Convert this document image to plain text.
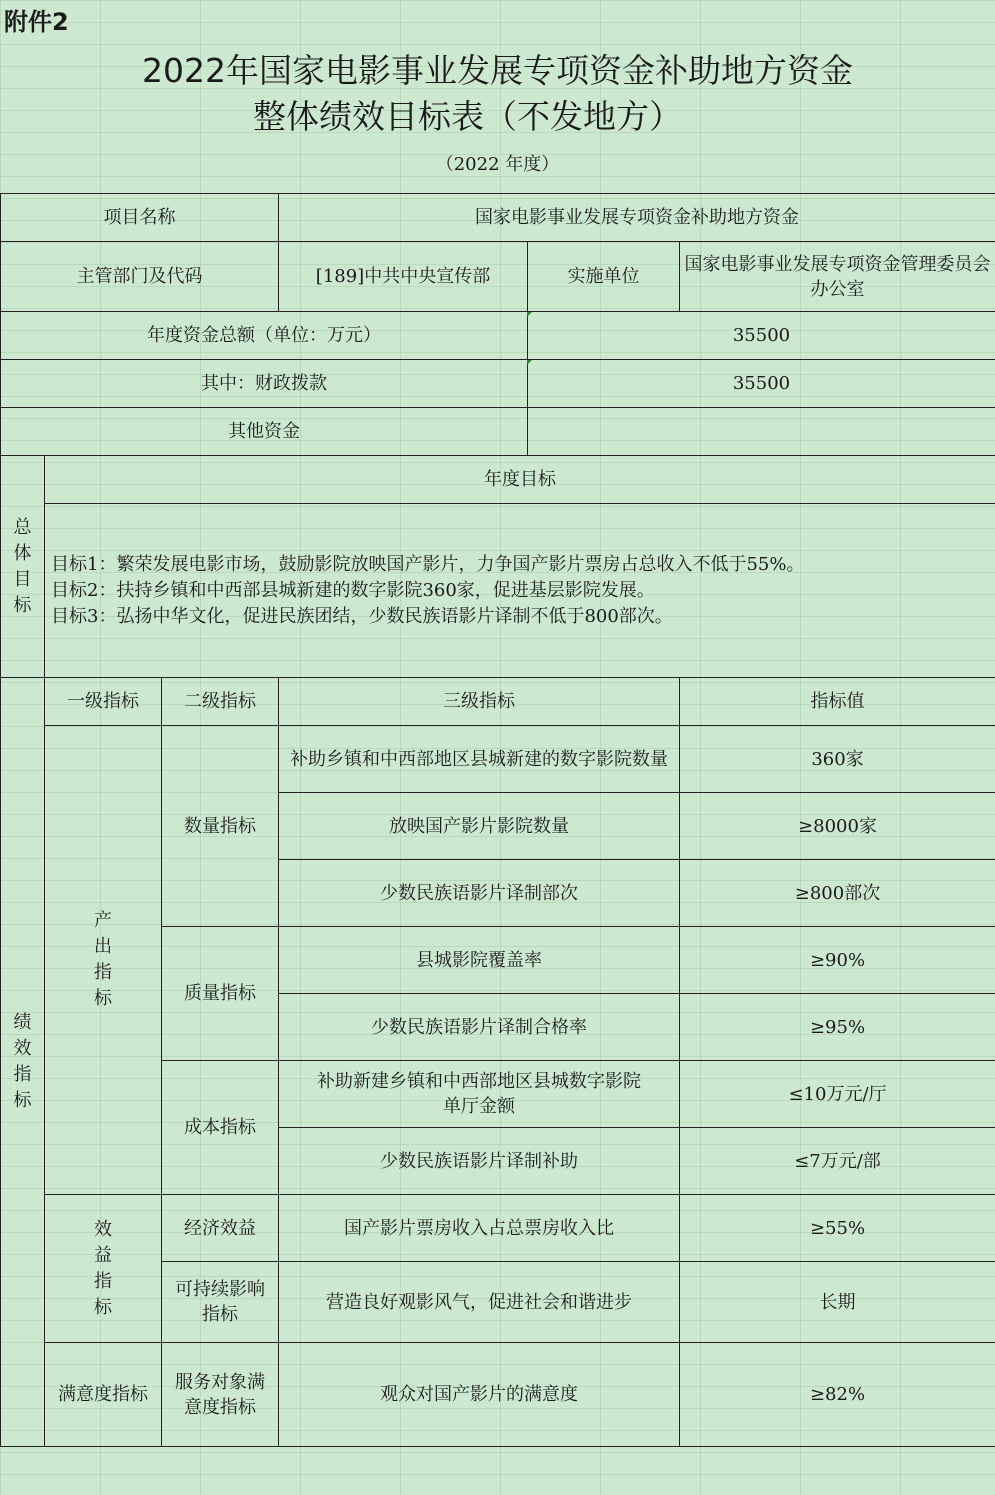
附件2
2022年国家电影事业发展专项资金补助地方资金
整体绩效目标表（不发地方）
（2022 年度）
项目名称			国家电影事业发展专项资金补助地方资金		
主管部门及代码			[189]中共中央宣传部	实施单位	国家电影事业发展专项资金管理委员会办公室
年度资金总额（单位：万元）				35500	
其中：财政拨款				35500	
其他资金					
总体目标	年度目标				

	目标1：繁荣发展电影市场，鼓励影院放映国产影片，力争国产影片票房占总收入不低于55%。
目标2：扶持乡镇和中西部县城新建的数字影院360家，促进基层影院发展。
目标3：弘扬中华文化，促进民族团结，少数民族语影片译制不低于800部次。				

绩效指标	一级指标	二级指标	三级指标		指标值
	产出指标	数量指标	补助乡镇和中西部地区县城新建的数字影院数量		360家
			放映国产影片影院数量		≥8000家
			少数民族语影片译制部次		≥800部次
		质量指标	县城影院覆盖率		≥90%
			少数民族语影片译制合格率		≥95%
		成本指标	补助新建乡镇和中西部地区县城数字影院单厅金额		≤10万元/厅
			少数民族语影片译制补助		≤7万元/部
	效益指标	经济效益	国产影片票房收入占总票房收入比		≥55%
		可持续影响指标	营造良好观影风气，促进社会和谐进步		长期
	满意度指标	服务对象满意度指标	观众对国产影片的满意度		≥82%
